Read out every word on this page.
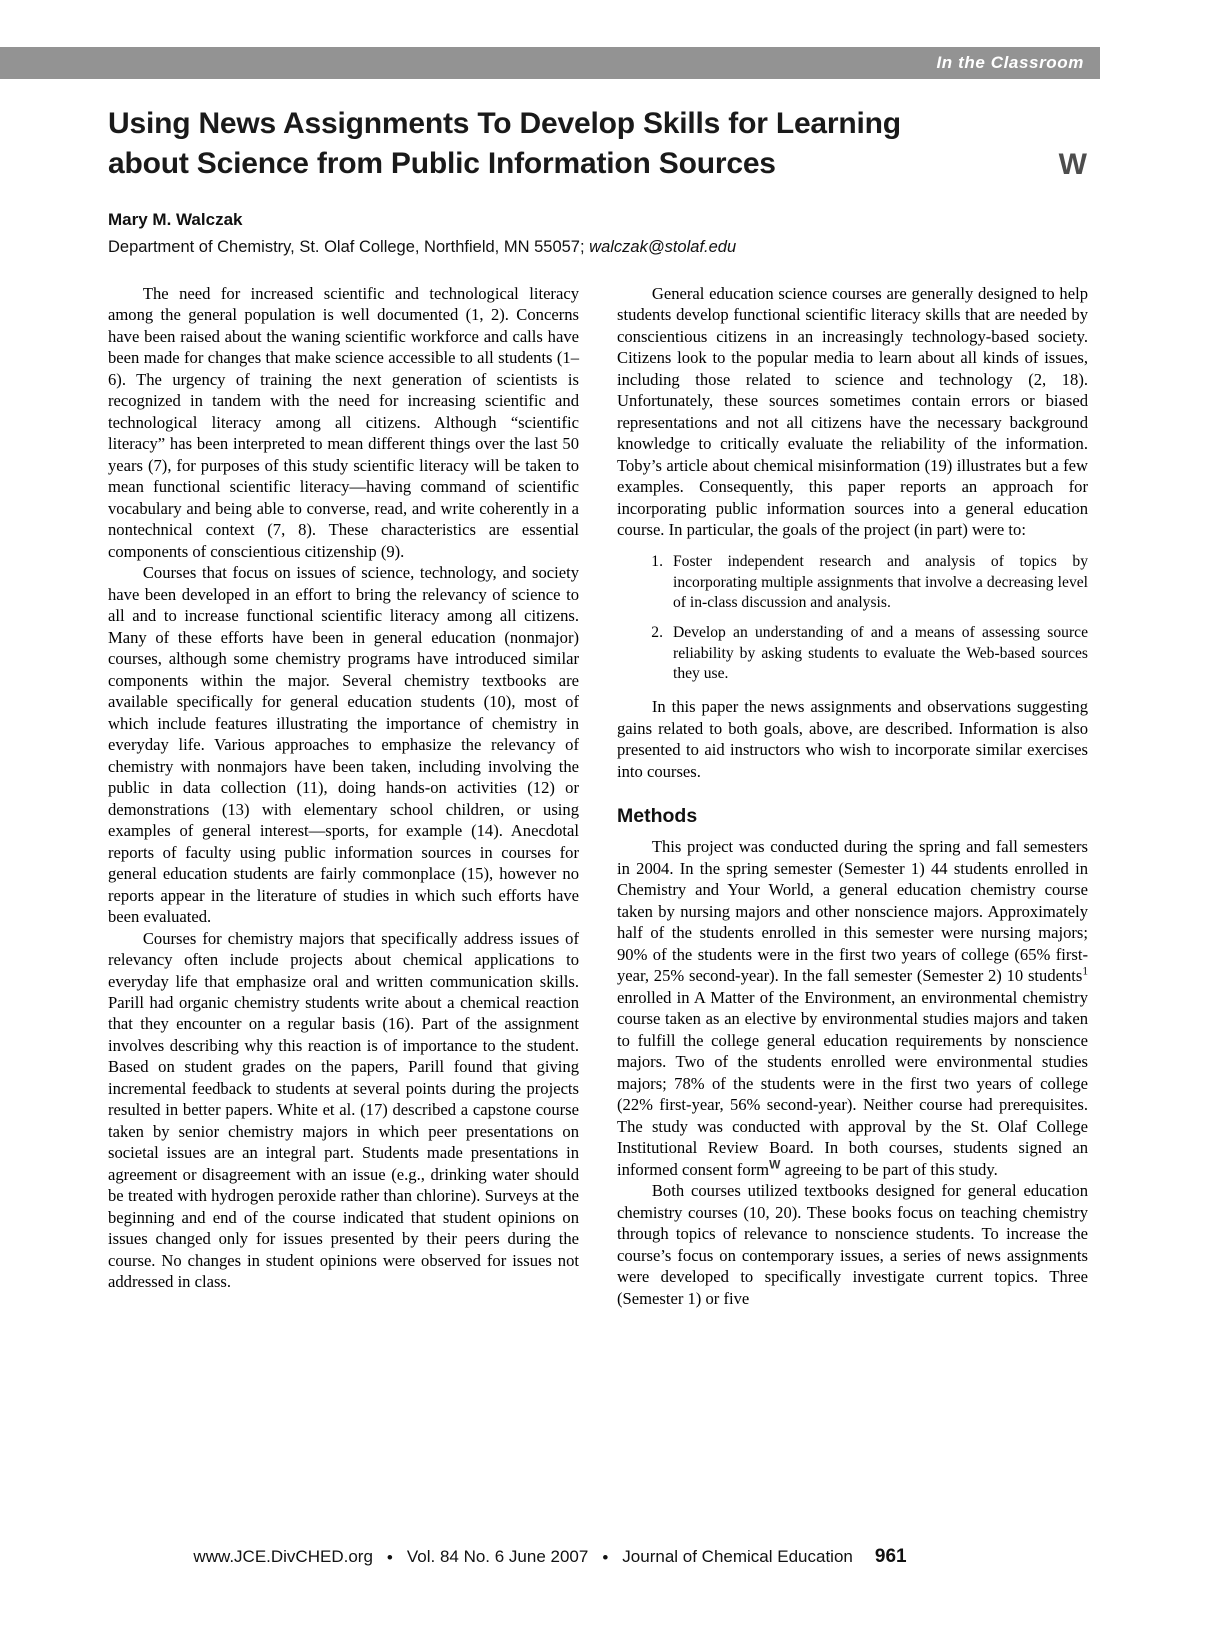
In the Classroom
Using News Assignments To Develop Skills for Learning about Science from Public Information Sources	W

Mary M. Walczak

Department of Chemistry, St. Olaf College, Northfield, MN 55057; walczak@stolaf.edu

The need for increased scientific and technological literacy among the general population is well documented (1, 2). Concerns have been raised about the waning scientific workforce and calls have been made for changes that make science accessible to all students (1–6). The urgency of training the next generation of scientists is recognized in tandem with the need for increasing scientific and technological literacy among all citizens. Although “scientific literacy” has been interpreted to mean different things over the last 50 years (7), for purposes of this study scientific literacy will be taken to mean functional scientific literacy—having command of scientific vocabulary and being able to converse, read, and write coherently in a nontechnical context (7, 8). These characteristics are essential components of conscientious citizenship (9).

Courses that focus on issues of science, technology, and society have been developed in an effort to bring the relevancy of science to all and to increase functional scientific literacy among all citizens. Many of these efforts have been in general education (nonmajor) courses, although some chemistry programs have introduced similar components within the major. Several chemistry textbooks are available specifically for general education students (10), most of which include features illustrating the importance of chemistry in everyday life. Various approaches to emphasize the relevancy of chemistry with nonmajors have been taken, including involving the public in data collection (11), doing hands-on activities (12) or demonstrations (13) with elementary school children, or using examples of general interest—sports, for example (14). Anecdotal reports of faculty using public information sources in courses for general education students are fairly commonplace (15), however no reports appear in the literature of studies in which such efforts have been evaluated.

Courses for chemistry majors that specifically address issues of relevancy often include projects about chemical applications to everyday life that emphasize oral and written communication skills. Parill had organic chemistry students write about a chemical reaction that they encounter on a regular basis (16). Part of the assignment involves describing why this reaction is of importance to the student. Based on student grades on the papers, Parill found that giving incremental feedback to students at several points during the projects resulted in better papers. White et al. (17) described a capstone course taken by senior chemistry majors in which peer presentations on societal issues are an integral part. Students made presentations in agreement or disagreement with an issue (e.g., drinking water should be treated with hydrogen peroxide rather than chlorine). Surveys at the beginning and end of the course indicated that student opinions on issues changed only for issues presented by their peers during the course. No changes in student opinions were observed for issues not addressed in class.

General education science courses are generally designed to help students develop functional scientific literacy skills that are needed by conscientious citizens in an increasingly technology-based society. Citizens look to the popular media to learn about all kinds of issues, including those related to science and technology (2, 18). Unfortunately, these sources sometimes contain errors or biased representations and not all citizens have the necessary background knowledge to critically evaluate the reliability of the information. Toby’s article about chemical misinformation (19) illustrates but a few examples. Consequently, this paper reports an approach for incorporating public information sources into a general education course. In particular, the goals of the project (in part) were to:

Foster independent research and analysis of topics by incorporating multiple assignments that involve a decreasing level of in-class discussion and analysis.
Develop an understanding of and a means of assessing source reliability by asking students to evaluate the Web-based sources they use.

In this paper the news assignments and observations suggesting gains related to both goals, above, are described. Information is also presented to aid instructors who wish to incorporate similar exercises into courses.

Methods

This project was conducted during the spring and fall semesters in 2004. In the spring semester (Semester 1) 44 students enrolled in Chemistry and Your World, a general education chemistry course taken by nursing majors and other nonscience majors. Approximately half of the students enrolled in this semester were nursing majors; 90% of the students were in the first two years of college (65% first-year, 25% second-year). In the fall semester (Semester 2) 10 students$^1$ enrolled in A Matter of the Environment, an environmental chemistry course taken as an elective by environmental studies majors and taken to fulfill the college general education requirements by nonscience majors. Two of the students enrolled were environmental studies majors; 78% of the students were in the first two years of college (22% first-year, 56% second-year). Neither course had prerequisites. The study was conducted with approval by the St. Olaf College Institutional Review Board. In both courses, students signed an informed consent form$^W$ agreeing to be part of this study.

Both courses utilized textbooks designed for general education chemistry courses (10, 20). These books focus on teaching chemistry through topics of relevance to nonscience students. To increase the course’s focus on contemporary issues, a series of news assignments were developed to specifically investigate current topics. Three (Semester 1) or five

www.JCE.DivCHED.org • Vol. 84 No. 6 June 2007 • Journal of Chemical Education 961
